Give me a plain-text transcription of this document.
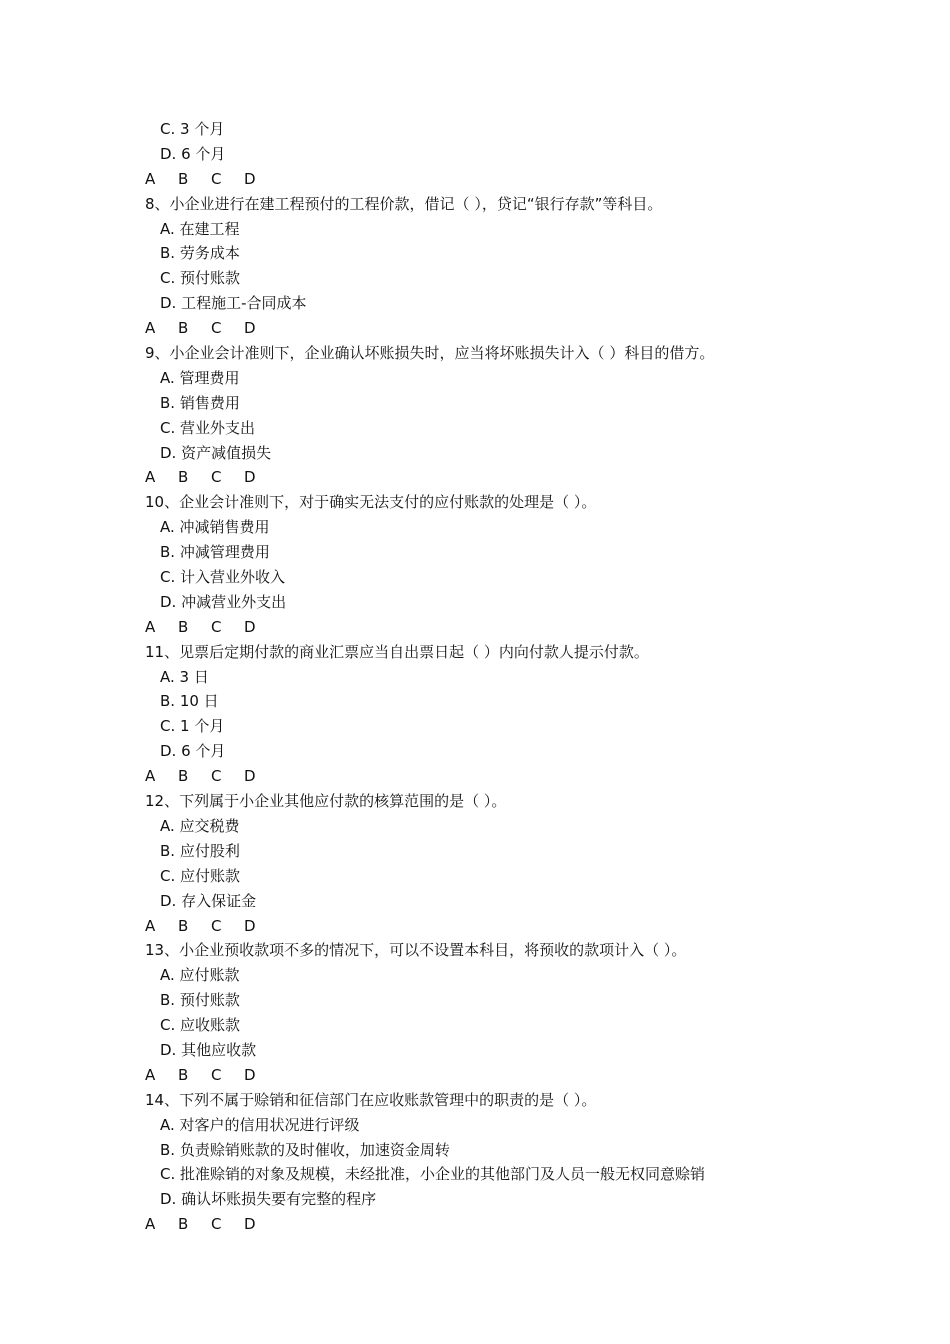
C. 3 个月
D. 6 个月
A	B	C	D
8、小企业进行在建工程预付的工程价款，借记（ ），贷记“银行存款”等科目。
A. 在建工程
B. 劳务成本
C. 预付账款
D. 工程施工-合同成本
A	B	C	D
9、小企业会计准则下，企业确认坏账损失时，应当将坏账损失计入（ ）科目的借方。
A. 管理费用
B. 销售费用
C. 营业外支出
D. 资产减值损失
A	B	C	D
10、企业会计准则下，对于确实无法支付的应付账款的处理是（ ）。
A. 冲减销售费用
B. 冲减管理费用
C. 计入营业外收入
D. 冲减营业外支出
A	B	C	D
11、见票后定期付款的商业汇票应当自出票日起（ ）内向付款人提示付款。
A. 3 日
B. 10 日
C. 1 个月
D. 6 个月
A	B	C	D
12、下列属于小企业其他应付款的核算范围的是（ ）。
A. 应交税费
B. 应付股利
C. 应付账款
D. 存入保证金
A	B	C	D
13、小企业预收款项不多的情况下，可以不设置本科目，将预收的款项计入（ ）。
A. 应付账款
B. 预付账款
C. 应收账款
D. 其他应收款
A	B	C	D
14、下列不属于赊销和征信部门在应收账款管理中的职责的是（ ）。
A. 对客户的信用状况进行评级
B. 负责赊销账款的及时催收，加速资金周转
C. 批准赊销的对象及规模，未经批准，小企业的其他部门及人员一般无权同意赊销
D. 确认坏账损失要有完整的程序
A	B	C	D
